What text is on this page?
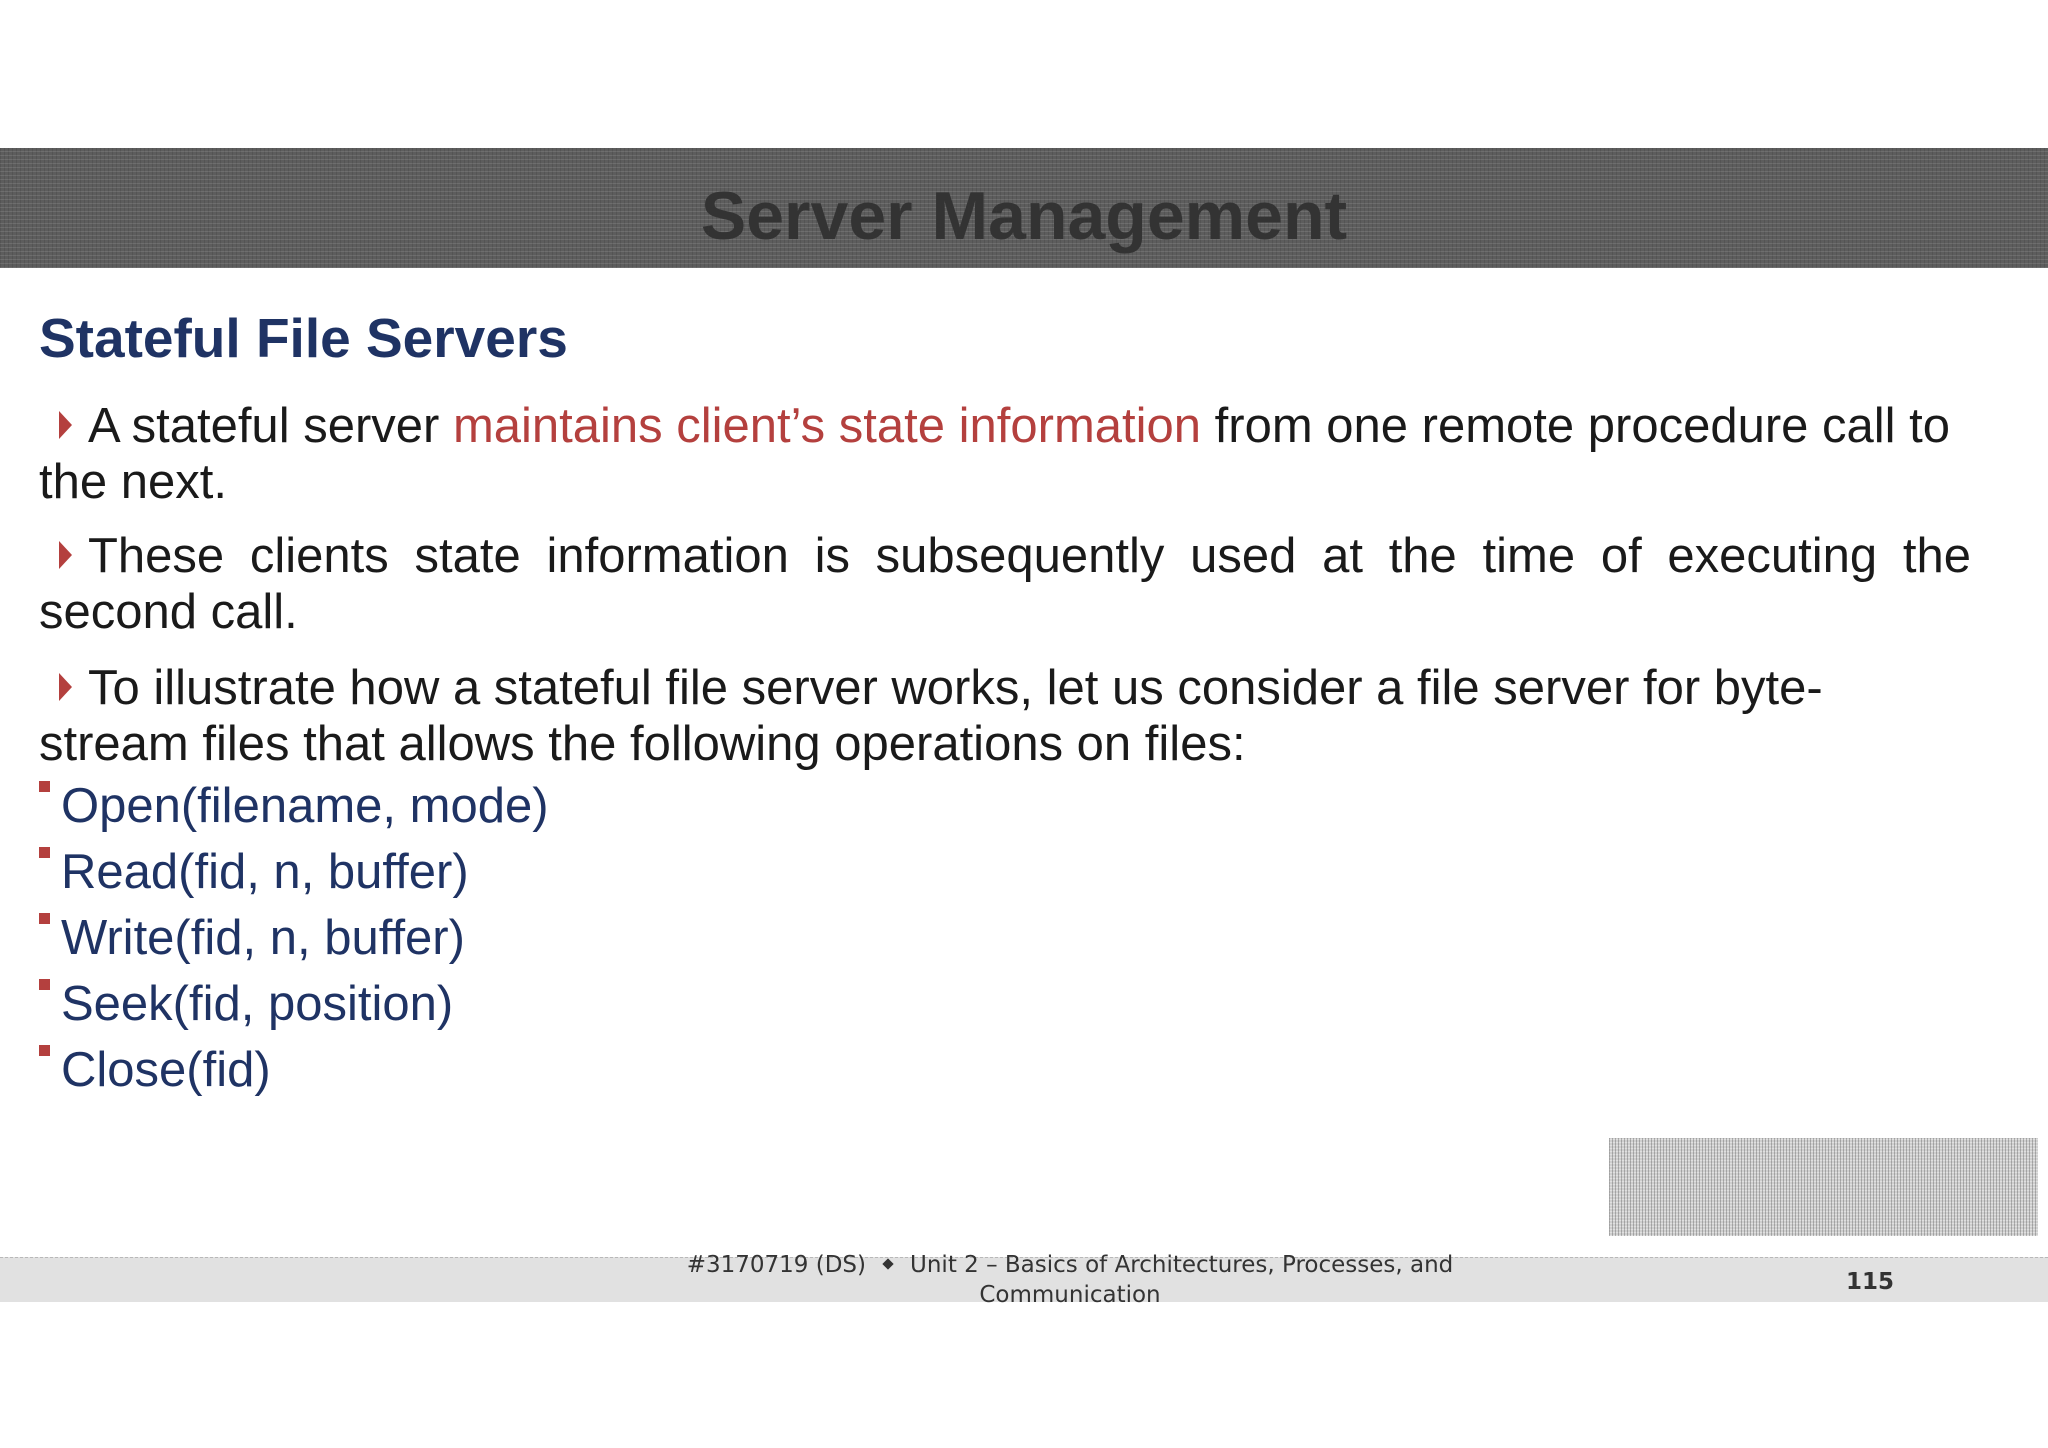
Server Management
Stateful File Servers

A stateful server maintains client’s state information from one remote procedure call to the next.

These clients state information is subsequently used at the time of executing the second call.

To illustrate how a stateful file server works, let us consider a file server for byte-stream files that allows the following operations on files:

Open(filename, mode)

Read(fid, n, buffer)

Write(fid, n, buffer)

Seek(fid, position)

Close(fid)

#3170719 (DS) Unit 2 – Basics of Architectures, Processes, and
Communication	115
